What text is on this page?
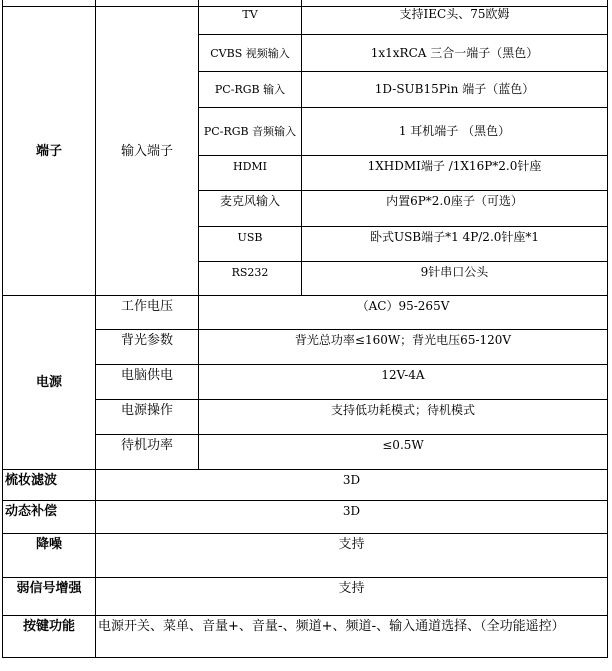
端子	输入端子	TV	支持IEC头、75欧姆
		CVBS 视频输入	1x1xRCA 三合一端子（黑色）
		PC-RGB 输入	1D-SUB15Pin 端子（蓝色）
		PC-RGB 音频输入	1 耳机端子 （黑色）
		HDMI	1XHDMI端子 /1X16P*2.0针座
		麦克风输入	内置6P*2.0座子（可选）
		USB	卧式USB端子*1 4P/2.0针座*1
		RS232	9针串口公头
电源	工作电压	（AC）95-265V	
	背光参数	背光总功率≤160W；背光电压65-120V	
	电脑供电	12V-4A	
	电源操作	支持低功耗模式；待机模式	
	待机功率	≤0.5W	
梳妆滤波	3D		
动态补偿	3D		
降噪	支持		
弱信号增强	支持		
按键功能	电源开关、菜单、音量+、音量-、频道+、频道-、输入通道选择、（全功能遥控）		
